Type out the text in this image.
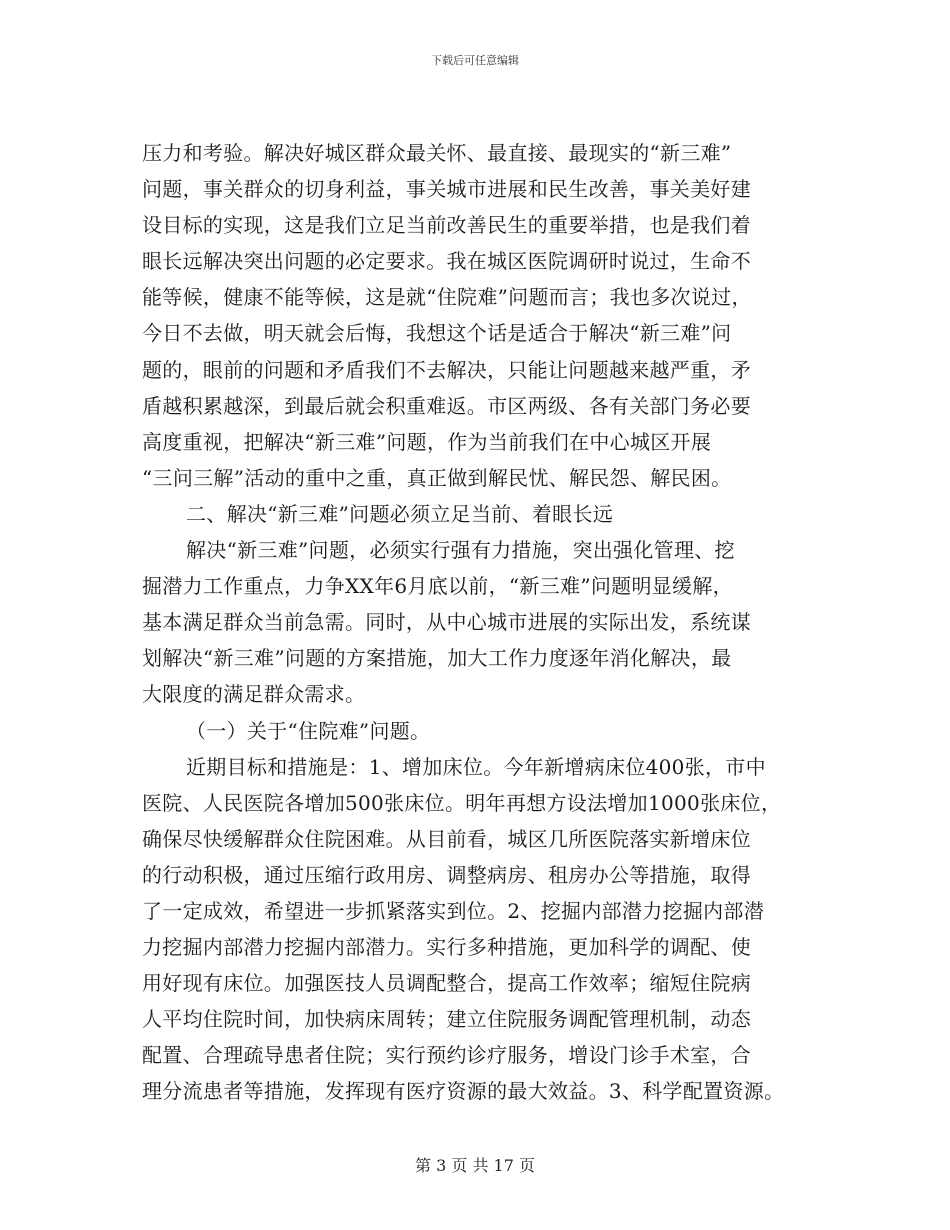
下载后可任意编辑
压力和考验。解决好城区群众最关怀、最直接、最现实的“新三难”
问题，事关群众的切身利益，事关城市进展和民生改善，事关美好建
设目标的实现，这是我们立足当前改善民生的重要举措，也是我们着
眼长远解决突出问题的必定要求。我在城区医院调研时说过，生命不
能等候，健康不能等候，这是就“住院难”问题而言；我也多次说过，
今日不去做，明天就会后悔，我想这个话是适合于解决“新三难”问
题的，眼前的问题和矛盾我们不去解决，只能让问题越来越严重，矛
盾越积累越深，到最后就会积重难返。市区两级、各有关部门务必要
高度重视，把解决“新三难”问题，作为当前我们在中心城区开展
“三问三解”活动的重中之重，真正做到解民忧、解民怨、解民困。
二、解决“新三难”问题必须立足当前、着眼长远
解决“新三难”问题，必须实行强有力措施，突出强化管理、挖
掘潜力工作重点，力争XX年6月底以前，“新三难”问题明显缓解，
基本满足群众当前急需。同时，从中心城市进展的实际出发，系统谋
划解决“新三难”问题的方案措施，加大工作力度逐年消化解决，最
大限度的满足群众需求。
（一）关于“住院难”问题。
近期目标和措施是：1、增加床位。今年新增病床位400张，市中
医院、人民医院各增加500张床位。明年再想方设法增加1000张床位，
确保尽快缓解群众住院困难。从目前看，城区几所医院落实新增床位
的行动积极，通过压缩行政用房、调整病房、租房办公等措施，取得
了一定成效，希望进一步抓紧落实到位。2、挖掘内部潜力挖掘内部潜
力挖掘内部潜力挖掘内部潜力。实行多种措施，更加科学的调配、使
用好现有床位。加强医技人员调配整合，提高工作效率；缩短住院病
人平均住院时间，加快病床周转；建立住院服务调配管理机制，动态
配置、合理疏导患者住院；实行预约诊疗服务，增设门诊手术室，合
理分流患者等措施，发挥现有医疗资源的最大效益。3、科学配置资源。
第 3 页 共 17 页
